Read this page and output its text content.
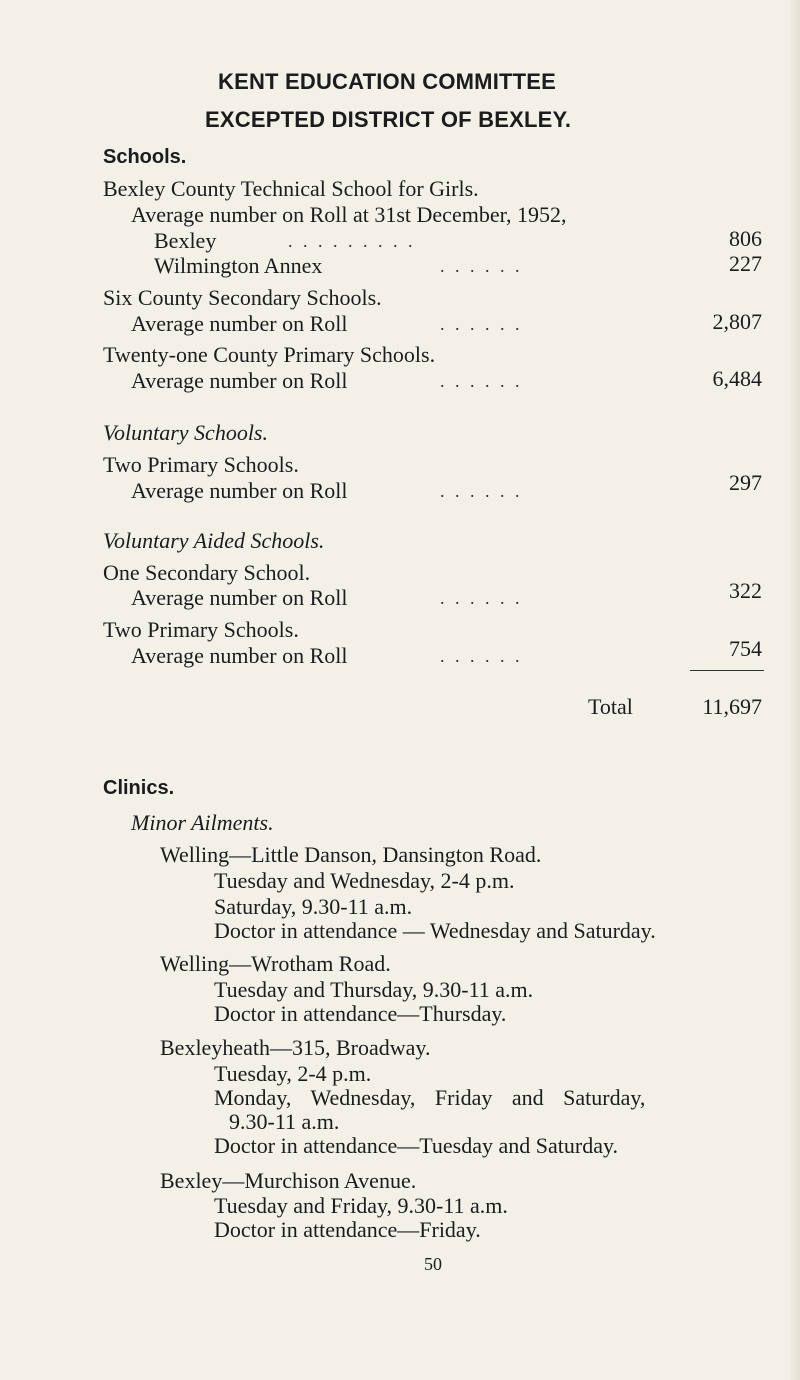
KENT EDUCATION COMMITTEE
EXCEPTED DISTRICT OF BEXLEY.
Schools.
Bexley County Technical School for Girls.
Average number on Roll at 31st December, 1952,
Bexley	. . . . . . . . .	806
Wilmington Annex	. . . . . .	227
Six County Secondary Schools.
Average number on Roll	. . . . . .	2,807
Twenty-one County Primary Schools.
Average number on Roll	. . . . . .	6,484
Voluntary Schools.
Two Primary Schools.
Average number on Roll	. . . . . .	297
Voluntary Aided Schools.
One Secondary School.
Average number on Roll	. . . . . .	322
Two Primary Schools.
Average number on Roll	. . . . . .	754
Total	11,697
Clinics.
Minor Ailments.
Welling—Little Danson, Dansington Road.
Tuesday and Wednesday, 2-4 p.m.
Saturday, 9.30-11 a.m.
Doctor in attendance — Wednesday and Saturday.
Welling—Wrotham Road.
Tuesday and Thursday, 9.30-11 a.m.
Doctor in attendance—Thursday.
Bexleyheath—315, Broadway.
Tuesday, 2-4 p.m.
Monday, Wednesday, Friday and Saturday,
9.30-11 a.m.
Doctor in attendance—Tuesday and Saturday.
Bexley—Murchison Avenue.
Tuesday and Friday, 9.30-11 a.m.
Doctor in attendance—Friday.
50
